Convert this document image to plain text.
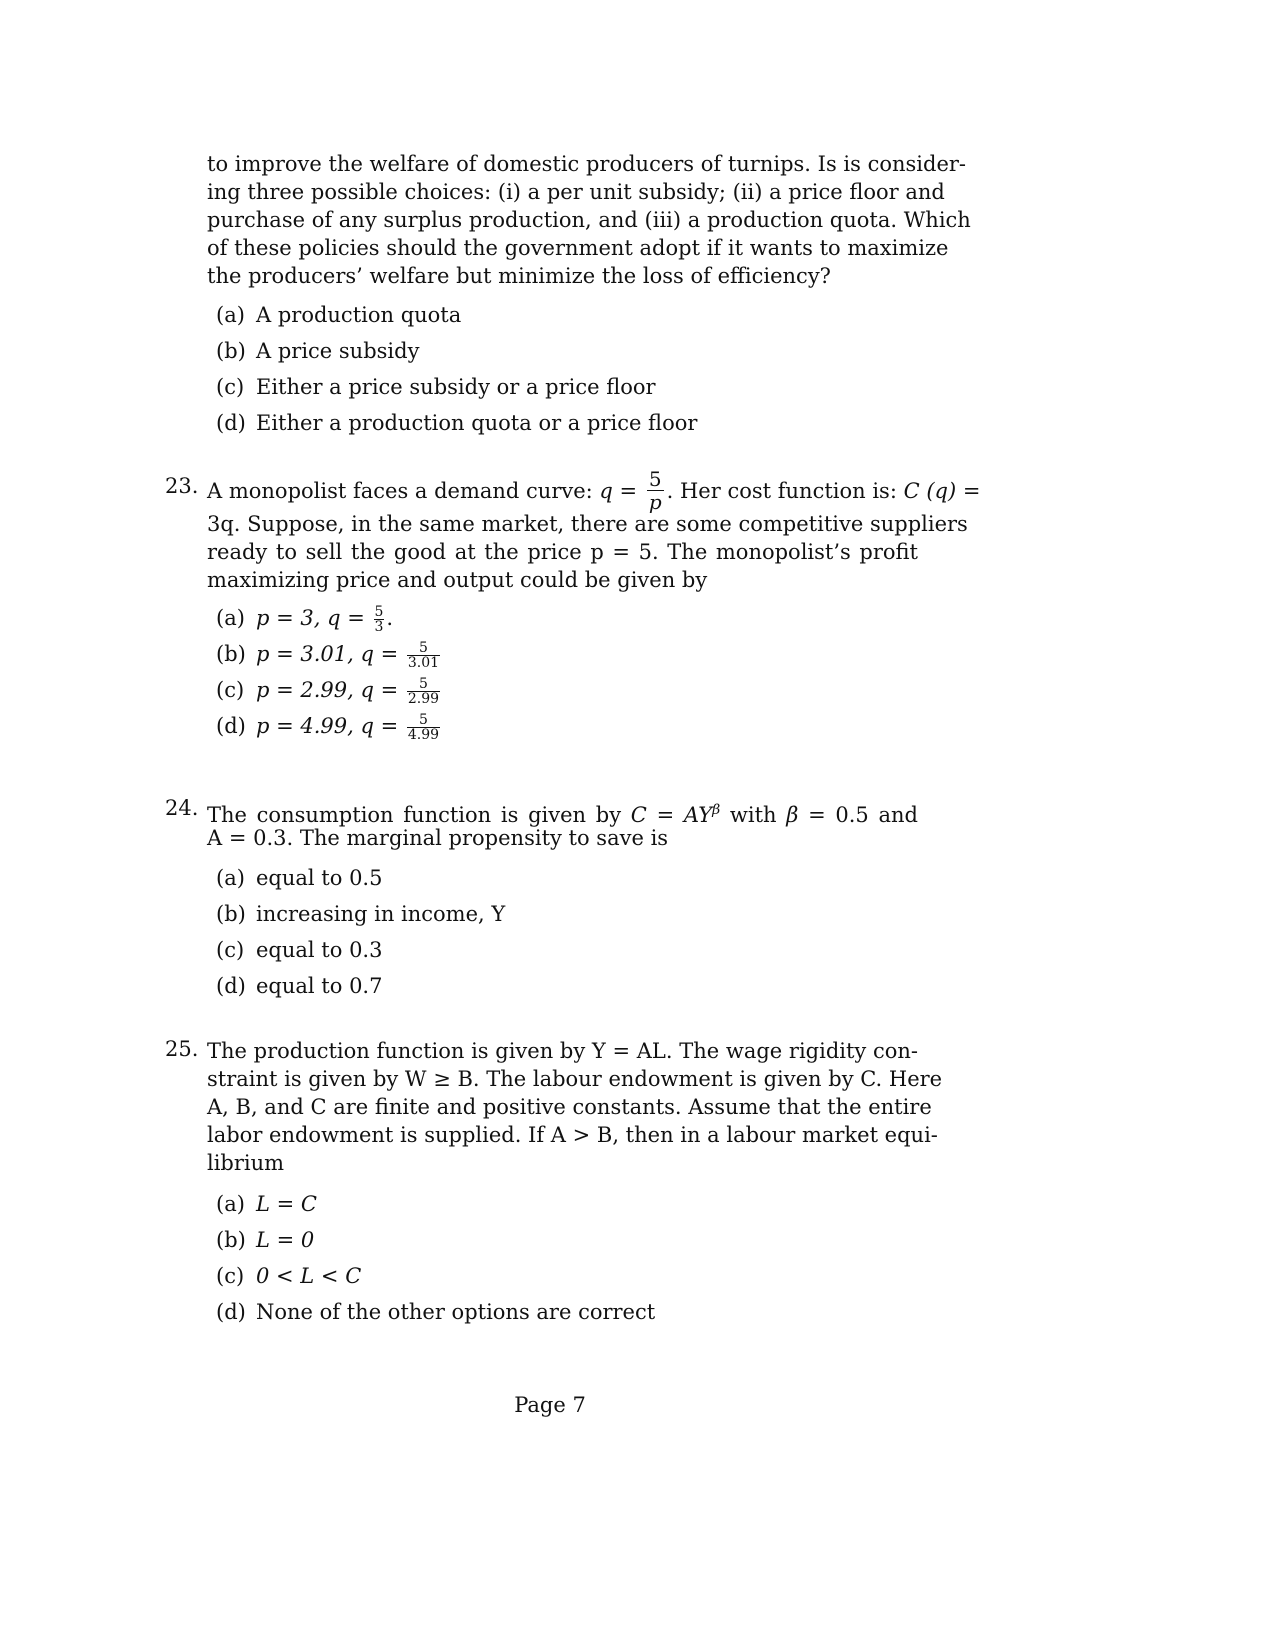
to improve the welfare of domestic producers of turnips. Is is consider-
ing three possible choices: (i) a per unit subsidy; (ii) a price floor and
purchase of any surplus production, and (iii) a production quota. Which
of these policies should the government adopt if it wants to maximize
the producers’ welfare but minimize the loss of efficiency?
(a) A production quota
(b) A price subsidy
(c) Either a price subsidy or a price floor
(d) Either a production quota or a price floor
23. A monopolist faces a demand curve: $q = \frac{5}{p}$ . Her cost function is: C (q) =
3q. Suppose, in the same market, there are some competitive suppliers
ready to sell the good at the price p = 5. The monopolist’s profit
maximizing price and output could be given by
(a) p = 3, $q = \frac{5}{3}$ .
(b) p = 3.01, $q = \frac{5}{3.01}$
(c) p = 2.99, $q = \frac{5}{2.99}$
(d) p = 4.99, $q = \frac{5}{4.99}$
24. The consumption function is given by $C = AY^\beta$ with β = 0.5 and
A = 0.3. The marginal propensity to save is
(a) equal to 0.5
(b) increasing in income, Y
(c) equal to 0.3
(d) equal to 0.7
25. The production function is given by Y = AL. The wage rigidity con-
straint is given by W ≥ B. The labour endowment is given by C. Here
A, B, and C are finite and positive constants. Assume that the entire
labor endowment is supplied. If A > B, then in a labour market equi-
librium
(a) L = C
(b) L = 0
(c) 0 < L < C
(d) None of the other options are correct
Page 7
